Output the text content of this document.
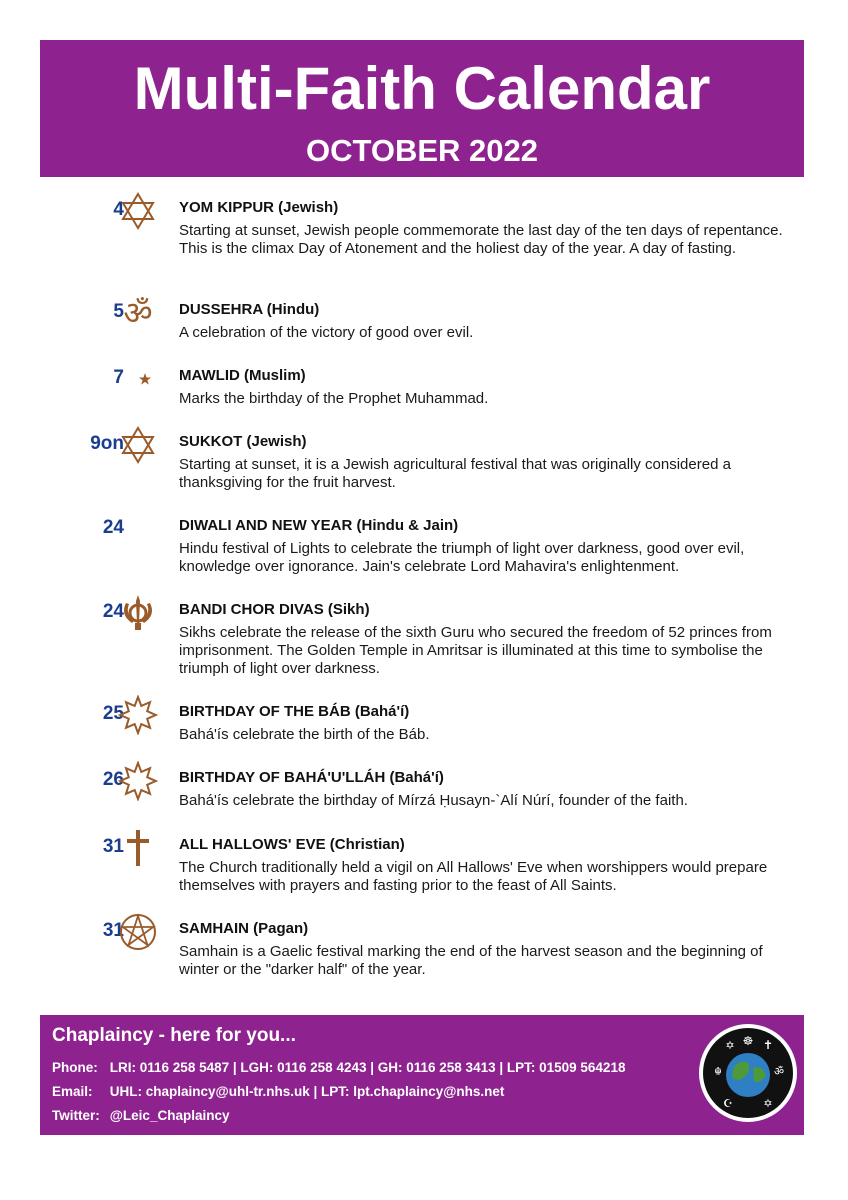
Multi-Faith Calendar
OCTOBER 2022
4	YOM KIPPUR (Jewish)
Starting at sunset, Jewish people commemorate the last day of the ten days of repentance. This is the climax Day of Atonement and the holiest day of the year. A day of fasting.
5 ॐ DUSSEHRA (Hindu)
A celebration of the victory of good over evil.
7	MAWLID (Muslim)
Marks the birthday of the Prophet Muhammad.
9on	SUKKOT (Jewish)
Starting at sunset, it is a Jewish agricultural festival that was originally considered a thanksgiving for the fruit harvest.
24	DIWALI AND NEW YEAR (Hindu & Jain)
Hindu festival of Lights to celebrate the triumph of light over darkness, good over evil, knowledge over ignorance. Jain's celebrate Lord Mahavira's enlightenment.
24	BANDI CHOR DIVAS (Sikh)
Sikhs celebrate the release of the sixth Guru who secured the freedom of 52 princes from imprisonment. The Golden Temple in Amritsar is illuminated at this time to symbolise the triumph of light over darkness.
25	BIRTHDAY OF THE BÁB (Bahá'í)
Bahá'ís celebrate the birth of the Báb.
26	BIRTHDAY OF BAHÁ'U'LLÁH (Bahá'í)
Bahá'ís celebrate the birthday of Mírzá Ḥusayn-`Alí Núrí, founder of the faith.
31	ALL HALLOWS' EVE (Christian)
The Church traditionally held a vigil on All Hallows' Eve when worshippers would prepare themselves with prayers and fasting prior to the feast of All Saints.
31	SAMHAIN (Pagan)
Samhain is a Gaelic festival marking the end of the harvest season and the beginning of winter or the "darker half" of the year.
Chaplaincy - here for you...
Phone: LRI: 0116 258 5487 | LGH: 0116 258 4243 | GH: 0116 258 3413 | LPT: 01509 564218
Email: UHL: chaplaincy@uhl-tr.nhs.uk | LPT: lpt.chaplaincy@nhs.net
Twitter: @Leic_Chaplaincy
☸
✡ ✝
☬	ॐ
☪	✡
